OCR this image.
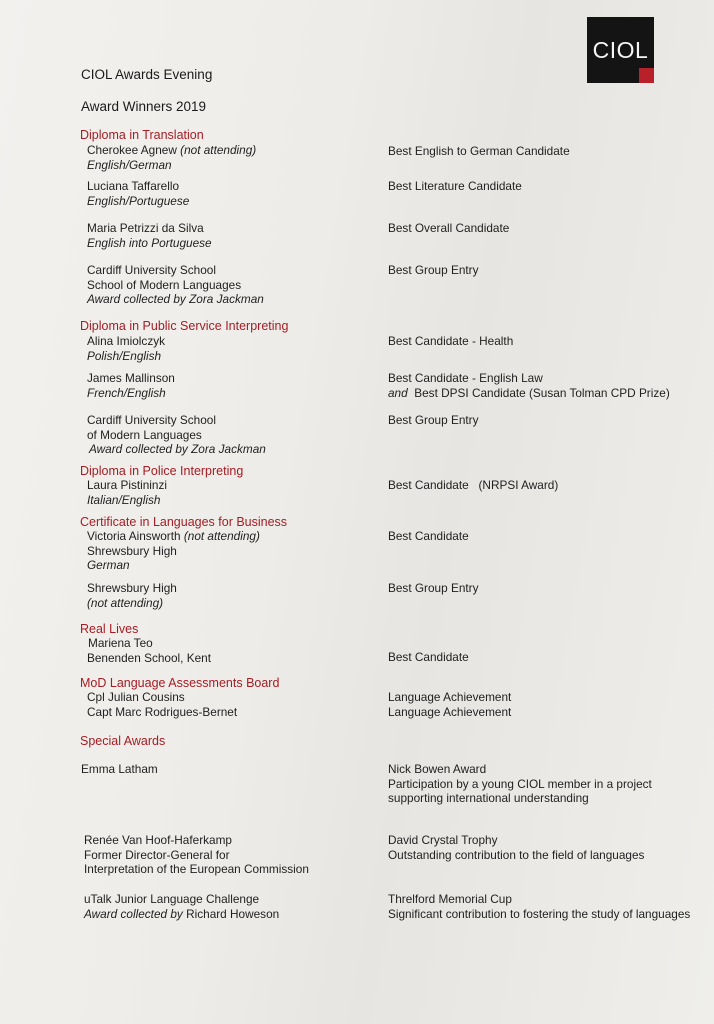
CIOL
CIOL Awards Evening
Award Winners 2019
Diploma in Translation
Cherokee Agnew (not attending)
English/German
Best English to German Candidate
Luciana Taffarello
English/Portuguese
Best Literature Candidate
Maria Petrizzi da Silva
English into Portuguese
Best Overall Candidate
Cardiff University School
School of Modern Languages
Award collected by Zora Jackman
Best Group Entry
Diploma in Public Service Interpreting
Alina Imiolczyk
Polish/English
Best Candidate - Health
James Mallinson
French/English
Best Candidate - English Law
and Best DPSI Candidate (Susan Tolman CPD Prize)
Cardiff University School
of Modern Languages
Award collected by Zora Jackman
Best Group Entry
Diploma in Police Interpreting
Laura Pistininzi
Italian/English
Best Candidate   (NRPSI Award)
Certificate in Languages for Business
Victoria Ainsworth (not attending)
Shrewsbury High
German
Best Candidate
Shrewsbury High
(not attending)
Best Group Entry
Real Lives
Mariena Teo
Benenden School, Kent	Best Candidate
MoD Language Assessments Board
Cpl Julian Cousins
Capt Marc Rodrigues-Bernet
Language Achievement
Language Achievement
Special Awards
Emma Latham	Nick Bowen Award
Participation by a young CIOL member in a project
supporting international understanding
Renée Van Hoof-Haferkamp
Former Director-General for
Interpretation of the European Commission
David Crystal Trophy
Outstanding contribution to the field of languages
uTalk Junior Language Challenge
Award collected by Richard Howeson
Threlford Memorial Cup
Significant contribution to fostering the study of languages
